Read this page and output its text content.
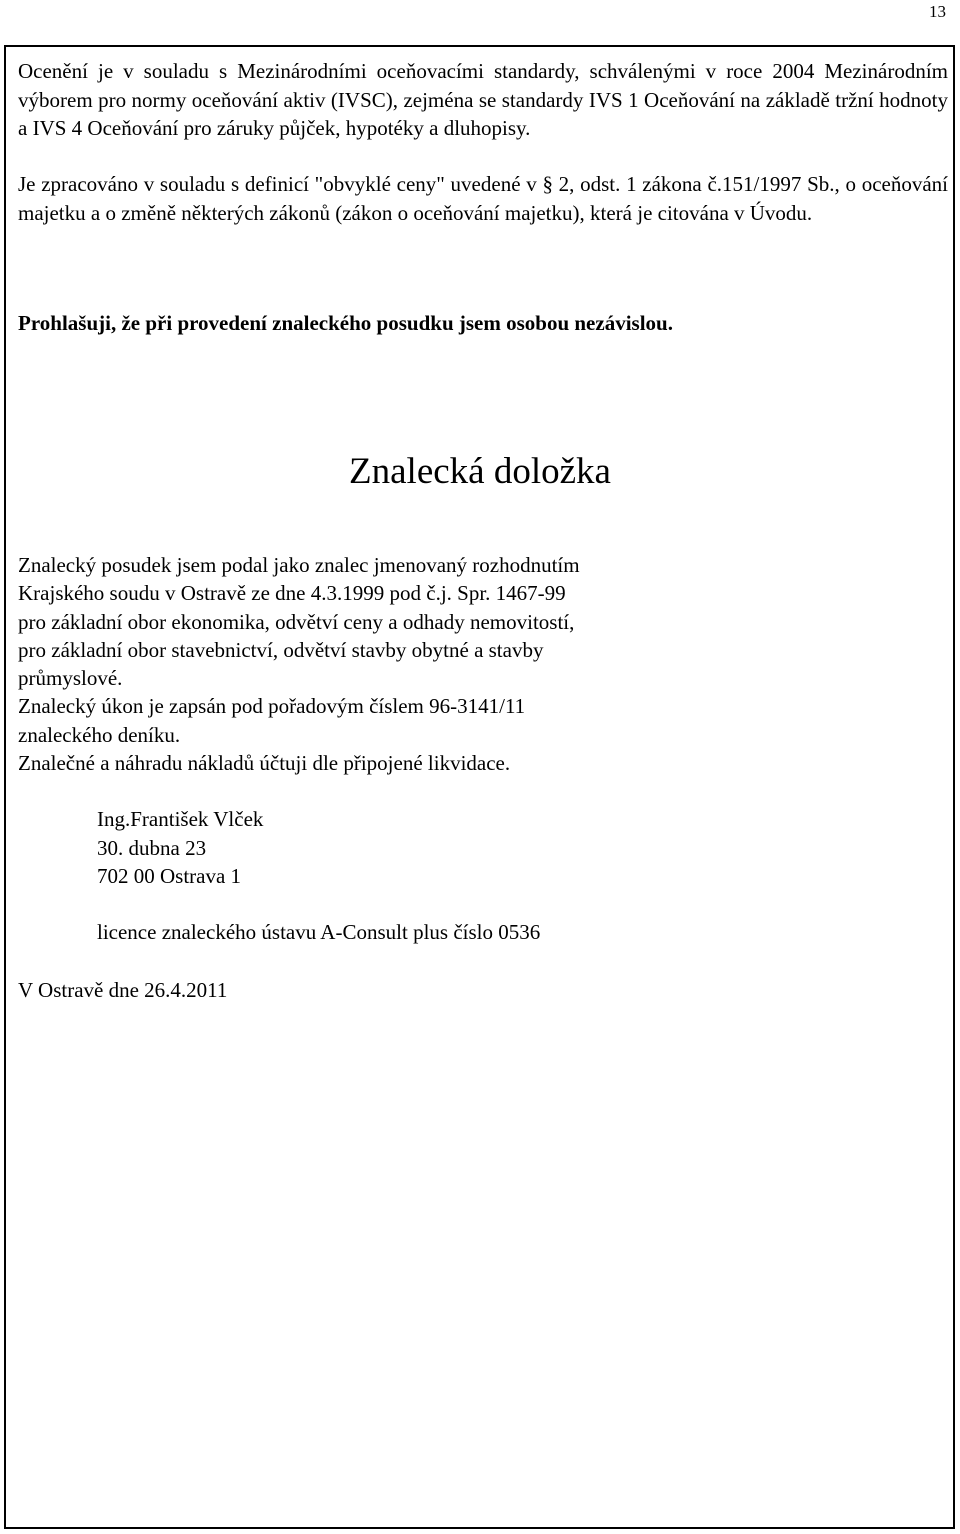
13
Ocenění je v souladu s Mezinárodními oceňovacími standardy, schválenými v roce 2004 Mezinárodním výborem pro normy oceňování aktiv (IVSC), zejména se standardy IVS 1 Oceňování na základě tržní hodnoty a IVS 4 Oceňování pro záruky půjček, hypotéky a dluhopisy.
Je zpracováno v souladu s definicí "obvyklé ceny" uvedené v § 2, odst. 1 zákona č.151/1997 Sb., o oceňování majetku a o změně některých zákonů (zákon o oceňování majetku), která je citována v Úvodu.
Prohlašuji, že při provedení znaleckého posudku jsem osobou nezávislou.
Znalecká doložka
Znalecký posudek jsem podal jako znalec jmenovaný rozhodnutím
Krajského soudu v Ostravě ze dne 4.3.1999 pod č.j. Spr. 1467-99
pro základní obor ekonomika, odvětví ceny a odhady nemovitostí,
pro základní obor stavebnictví, odvětví stavby obytné a stavby
průmyslové.
Znalecký úkon je zapsán pod pořadovým číslem 96-3141/11
znaleckého deníku.
Znalečné a náhradu nákladů účtuji dle připojené likvidace.
Ing.František Vlček
30. dubna 23
702 00 Ostrava 1
licence znaleckého ústavu A-Consult plus číslo 0536
V Ostravě dne 26.4.2011
